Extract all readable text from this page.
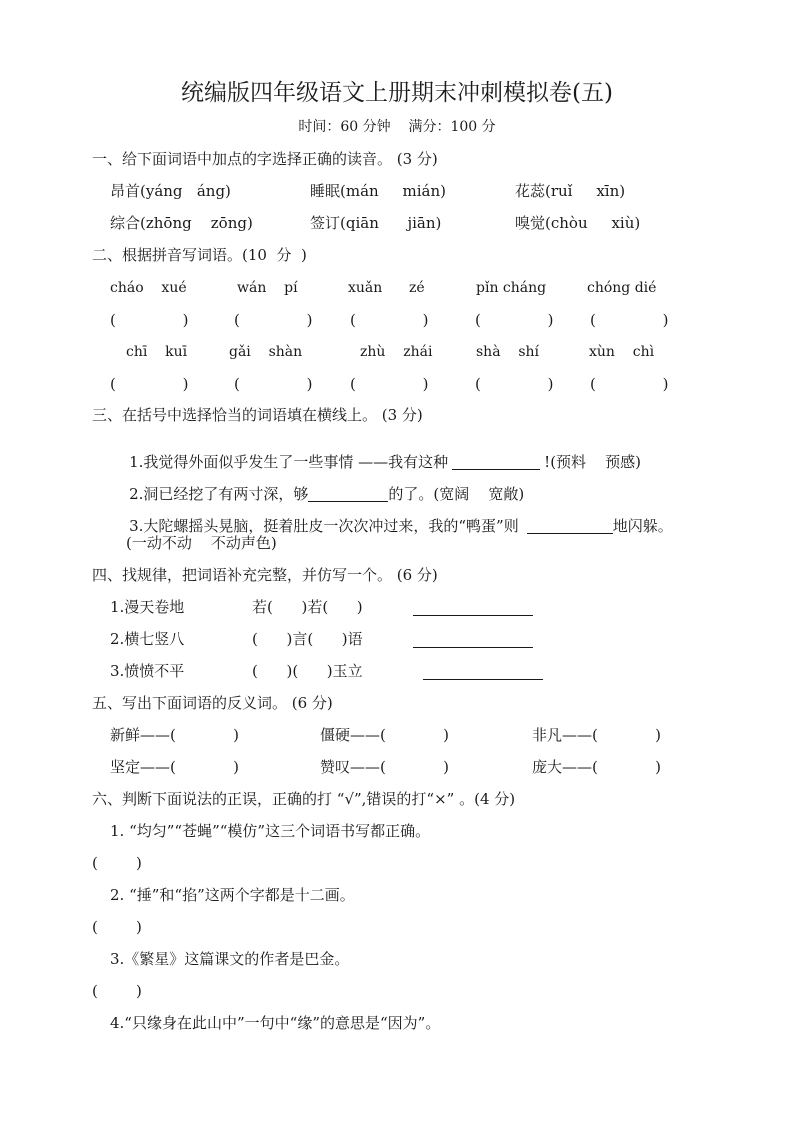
统编版四年级语文上册期末冲刺模拟卷(五)
时间：60 分钟    满分：100 分
一、给下面词语中加点的字选择正确的读音。 (3 分)
昂首(yáng   áng)	睡眠(mán     mián)	花蕊(ruǐ     xīn)
综合(zhōng    zōng)	签订(qiān      jiān)	嗅觉(chòu     xiù)
二、根据拼音写词语。(10  分  )
cháo    xué	wán    pí	xuǎn      zé	pǐn cháng	chóng dié
(              )	(              )	(              )	(              ) (              )
chī    kuī	gǎi    shàn	zhù    zhái	shà    shí	xùn    chì
(              )	(              )	(              )	(              ) (              )
三、在括号中选择恰当的词语填在横线上。 (3 分)

1.我觉得外面似乎发生了一些事情 ——我有这种	!(预料    预感)

2.洞已经挖了有两寸深，够	的了。(宽阔    宽敞)

3.大陀螺摇头晃脑，挺着肚皮一次次冲过来，我的“鸭蛋”则	地闪躲。

(一动不动    不动声色)
四、找规律，把词语补充完整，并仿写一个。 (6 分)
1.漫天卷地	若(      )若(      )
2.横七竖八	(      )言(      )语
3.愤愤不平	(      )(      )玉立
五、写出下面词语的反义词。 (6 分)
新鲜——(            )	僵硬——(            )	非凡——(            )
坚定——(            )	赞叹——(            )	庞大——(            )
六、判断下面说法的正误，正确的打 “√”,错误的打“×” 。(4 分)
1. “均匀”“苍蝇”“模仿”这三个词语书写都正确。
(        )
2. “捶”和“掐”这两个字都是十二画。
(        )
3.《繁星》这篇课文的作者是巴金。
(        )
4.“只缘身在此山中”一句中“缘”的意思是“因为”。
